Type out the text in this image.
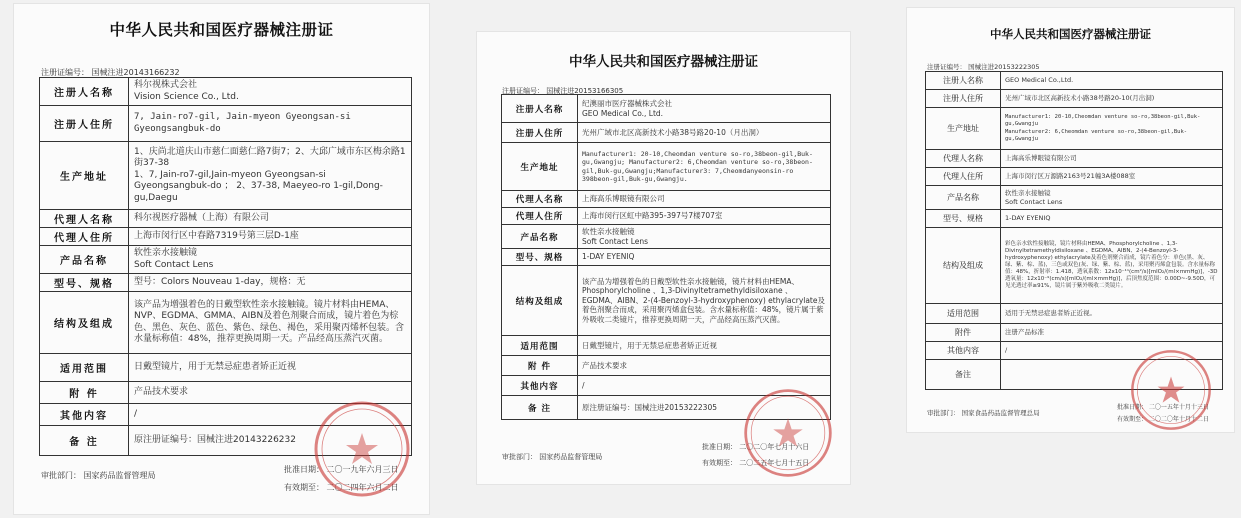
中华人民共和国医疗器械注册证
注册证编号： 国械注进20143166232
注册人名称	科尔视株式会社
Vision Science Co., Ltd.
注册人住所	7, Jain-ro7-gil, Jain-myeon Gyeongsan-si
Gyeongsangbuk-do
生产地址	1、庆尚北道庆山市慈仁面慈仁路7街7；2、大邱广域市东区梅余路1街37-38
1、7, Jain-ro7-gil,Jain-myeon Gyeongsan-si
Gyeongsangbuk-do ； 2、37-38, Maeyeo-ro 1-gil,Dong-gu,Daegu
代理人名称	科尔视医疗器械（上海）有限公司
代理人住所	上海市闵行区中春路7319号第三层D-1座
产品名称	软性亲水接触镜
Soft Contact Lens
型号、规格	型号：Colors Nouveau 1-day，规格：无
结构及组成	该产品为增强着色的日戴型软性亲水接触镜。镜片材料由HEMA、NVP、EGDMA、GMMA、AIBN及着色剂聚合而成，镜片着色为棕色、黑色、灰色、蓝色、紫色、绿色、褐色，采用聚丙烯杯包装。含水量标称值：48%，推荐更换周期一天。产品经高压蒸汽灭菌。
适用范围	日戴型镜片，用于无禁忌症患者矫正近视
附 件	产品技术要求
其他内容	/
备 注	原注册证编号：国械注进20143226232
审批部门： 国家药品监督管理局
批准日期： 二〇一九年六月三日
有效期至： 二〇二四年六月二日
中华人民共和国医疗器械注册证
注册证编号： 国械注进20153166305
注册人名称	纪澳丽市医疗器械株式会社
GEO Medical Co., Ltd.
注册人住所	光州广域市北区高新技术小路38号路20-10（月出洞）
生产地址	Manufacturer1: 20-10,Cheomdan venture so-ro,38beon-gil,Buk-gu,Gwangju; Manufacturer2: 6,Cheomdan venture so-ro,38beon-gil,Buk-gu,Gwangju;Manufacturer3: 7,Cheomdanyeonsin-ro 398beon-gil,Buk-gu,Gwangju.
代理人名称	上海高乐博眼镜有限公司
代理人住所	上海市闵行区虹中路395-397号7楼707室
产品名称	软性亲水接触镜
Soft Contact Lens
型号、规格	1-DAY EYENIQ
结构及组成	该产品为增强着色的日戴型软性亲水接触镜，镜片材料由HEMA、Phosphorylcholine 、1,3-Divinyltetramethyldisiloxane 、EGDMA、AIBN、2-(4-Benzoyl-3-hydroxyphenoxy) ethylacrylate及着色剂聚合而成，采用聚丙烯盒包装。含水量标称值：48%，镜片属于紫外吸收二类镜片，推荐更换周期一天，产品经高压蒸汽灭菌。
适用范围	日戴型镜片，用于无禁忌症患者矫正近视
附 件	产品技术要求
其他内容	/
备 注	原注册证编号：国械注进20153222305
审批部门： 国家药品监督管理局
批准日期： 二〇二〇年七月十六日
有效期至： 二〇二五年七月十五日
中华人民共和国医疗器械注册证
注册证编号： 国械注进20153222305
注册人名称	GEO Medical Co.,Ltd.
注册人住所	光州广域市北区高新技术小路38号路20-10(月出洞)
生产地址	Manufacturer1: 20-10,Cheomdan venture so-ro,38beon-gil,Buk-gu,Gwangju
Manufacturer2: 6,Cheomdan venture so-ro,38beon-gil,Buk-gu,Gwangju
代理人名称	上海高乐博眼镜有限公司
代理人住所	上海市闵行区万源路2163号21幢3A楼088室
产品名称	软性亲水接触镜
Soft Contact Lens
型号、规格	1-DAY EYENIQ
结构及组成	彩色亲水软性接触镜，镜片材料由HEMA、Phosphorylcholine 、1,3-Divinyltetramethyldisiloxane 、EGDMA、AIBN、2-(4-Benzoyl-3-hydroxyphenoxy) ethylacrylate及着色剂聚合而成，镜片着色分：单色(黑、灰、绿、紫、棕、蓝)，三色或双色(灰、绿、紫、棕、蓝)，采用聚丙烯盒包装。含水量标称值：48%，折射率：1.418，透氧系数：12x10⁻¹¹(cm²/s)[mlO₂/(ml×mmHg)]，-3D透氧量：12x10⁻⁹(cm/s)[mlO₂/(ml×mmHg)]，后顶焦度范围：0.00D~-9.50D，可见光透过率≥91%，镜片属于紫外吸收二类镜片。
适用范围	适用于无禁忌症患者矫正近视。
附件	注册产品标准
其他内容	/
备注	
审批部门： 国家食品药品监督管理总局
批准日期： 二〇一五年十月十三日
有效期至： 二〇二〇年十月十二日
